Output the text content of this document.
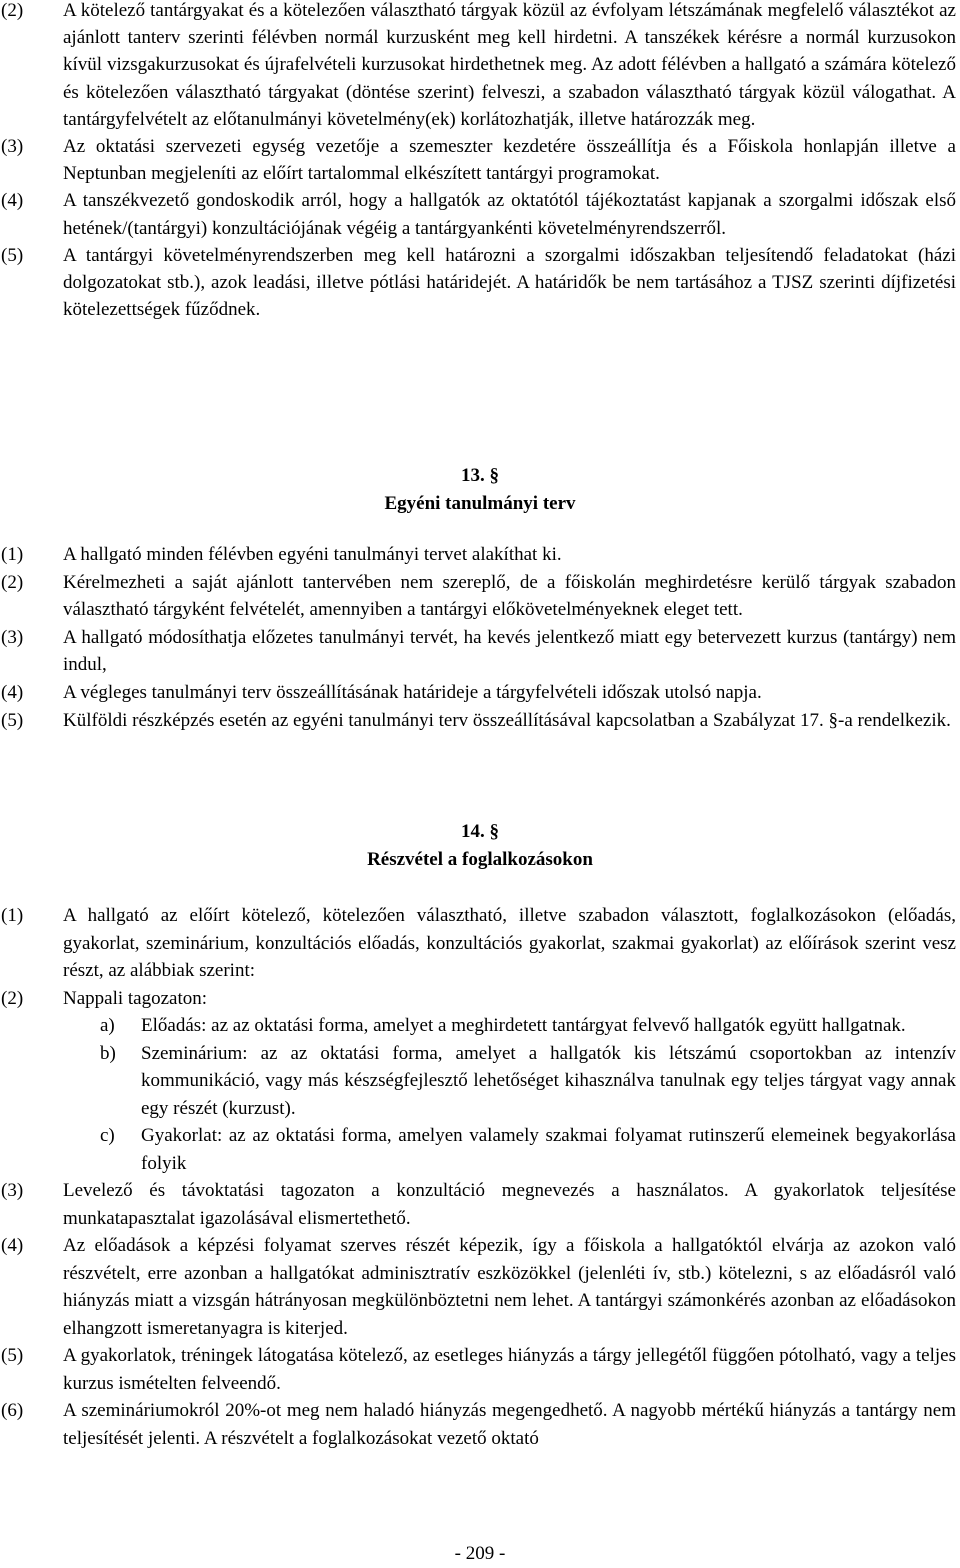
(2) A kötelező tantárgyakat és a kötelezően választható tárgyak közül az évfolyam létszámának megfelelő választékot az ajánlott tanterv szerinti félévben normál kurzusként meg kell hirdetni. A tanszékek kérésre a normál kurzusokon kívül vizsgakurzusokat és újrafelvételi kurzusokat hirdethetnek meg. Az adott félévben a hallgató a számára kötelező és kötelezően választható tárgyakat (döntése szerint) felveszi, a szabadon választható tárgyak közül válogathat. A tantárgyfelvételt az előtanulmányi követelmény(ek) korlátozhatják, illetve határozzák meg.
(3) Az oktatási szervezeti egység vezetője a szemeszter kezdetére összeállítja és a Főiskola honlapján illetve a Neptunban megjeleníti az előírt tartalommal elkészített tantárgyi programokat.
(4) A tanszékvezető gondoskodik arról, hogy a hallgatók az oktatótól tájékoztatást kapjanak a szorgalmi időszak első hetének/(tantárgyi) konzultációjának végéig a tantárgyankénti követelményrendszerről.
(5) A tantárgyi követelményrendszerben meg kell határozni a szorgalmi időszakban teljesítendő feladatokat (házi dolgozatokat stb.), azok leadási, illetve pótlási határidejét. A határidők be nem tartásához a TJSZ szerinti díjfizetési kötelezettségek fűződnek.
13. §
Egyéni tanulmányi terv
(1) A hallgató minden félévben egyéni tanulmányi tervet alakíthat ki.
(2) Kérelmezheti a saját ajánlott tantervében nem szereplő, de a főiskolán meghirdetésre kerülő tárgyak szabadon választható tárgyként felvételét, amennyiben a tantárgyi előkövetelményeknek eleget tett.
(3) A hallgató módosíthatja előzetes tanulmányi tervét, ha kevés jelentkező miatt egy betervezett kurzus (tantárgy) nem indul,
(4) A végleges tanulmányi terv összeállításának határideje a tárgyfelvételi időszak utolsó napja.
(5) Külföldi részképzés esetén az egyéni tanulmányi terv összeállításával kapcsolatban a Szabályzat 17. §-a rendelkezik.
14. §
Részvétel a foglalkozásokon
(1) A hallgató az előírt kötelező, kötelezően választható, illetve szabadon választott, foglalkozásokon (előadás, gyakorlat, szeminárium, konzultációs előadás, konzultációs gyakorlat, szakmai gyakorlat) az előírások szerint vesz részt, az alábbiak szerint:
(2) Nappali tagozaton:
a) Előadás: az az oktatási forma, amelyet a meghirdetett tantárgyat felvevő hallgatók együtt hallgatnak.
b) Szeminárium: az az oktatási forma, amelyet a hallgatók kis létszámú csoportokban az intenzív kommunikáció, vagy más készségfejlesztő lehetőséget kihasználva tanulnak egy teljes tárgyat vagy annak egy részét (kurzust).
c) Gyakorlat: az az oktatási forma, amelyen valamely szakmai folyamat rutinszerű elemeinek begyakorlása folyik
(3) Levelező és távoktatási tagozaton a konzultáció megnevezés a használatos. A gyakorlatok teljesítése munkatapasztalat igazolásával elismertethető.
(4) Az előadások a képzési folyamat szerves részét képezik, így a főiskola a hallgatóktól elvárja az azokon való részvételt, erre azonban a hallgatókat adminisztratív eszközökkel (jelenléti ív, stb.) kötelezni, s az előadásról való hiányzás miatt a vizsgán hátrányosan megkülönböztetni nem lehet. A tantárgyi számonkérés azonban az előadásokon elhangzott ismeretanyagra is kiterjed.
(5) A gyakorlatok, tréningek látogatása kötelező, az esetleges hiányzás a tárgy jellegétől függően pótolható, vagy a teljes kurzus ismételten felveendő.
(6) A szemináriumokról 20%-ot meg nem haladó hiányzás megengedhető. A nagyobb mértékű hiányzás a tantárgy nem teljesítését jelenti. A részvételt a foglalkozásokat vezető oktató
- 209 -
